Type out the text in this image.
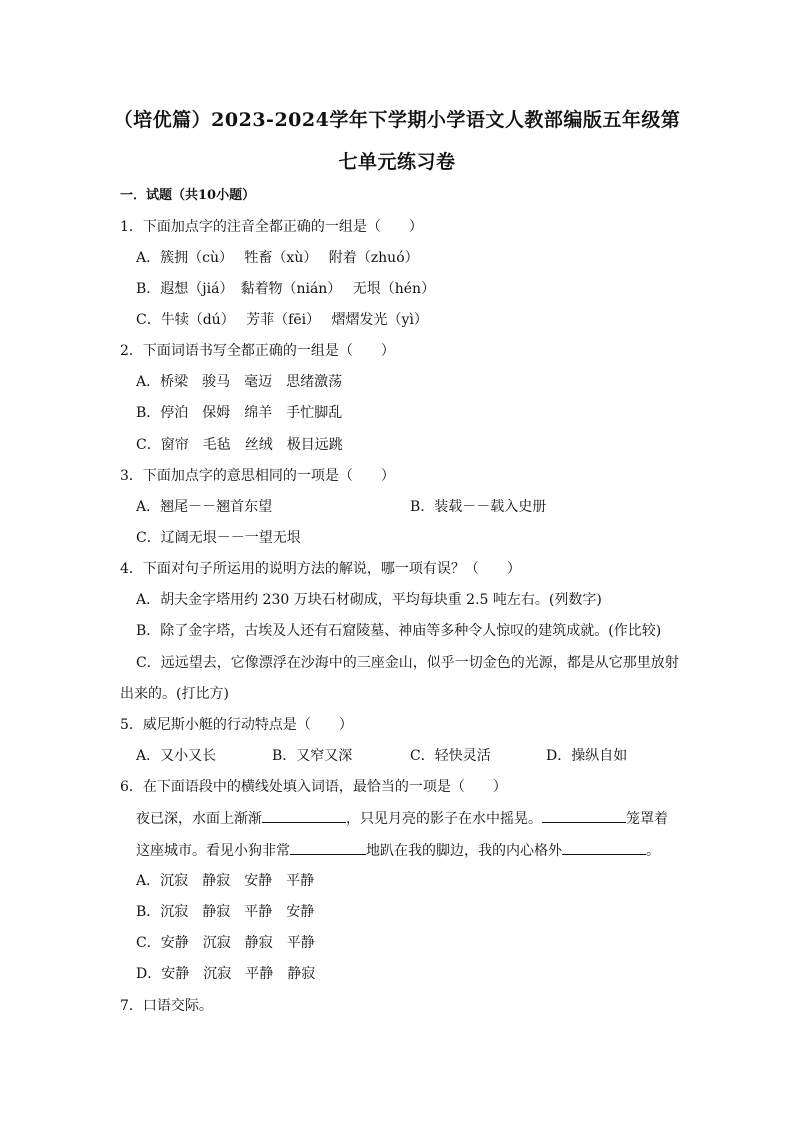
（培优篇）2023-2024学年下学期小学语文人教部编版五年级第
七单元练习卷
一．试题（共10小题）
1．下面加点字的注音全都正确的一组是（　　）
A．簇拥（cù）　 牲畜（xù）　 附着（zhuó）
B．遐想（jiá）　黏着物（nián）　 无垠（hén）
C．牛犊（dú）　 芳菲（fēi）　 熠熠发光（yì）
2．下面词语书写全都正确的一组是（　　）
A．桥梁　骏马　毫迈　思绪激荡
B．停泊　保姆　绵羊　手忙脚乱
C．窗帘　毛毡　丝绒　极目远跳
3．下面加点字的意思相同的一项是（　　）
A．翘尾－－翘首东望	B．装载－－载入史册
C．辽阔无垠－－一望无垠
4．下面对句子所运用的说明方法的解说，哪一项有误？（　　）
A．胡夫金字塔用约 230 万块石材砌成，平均每块重 2.5 吨左右。(列数字)
B．除了金字塔，古埃及人还有石窟陵墓、神庙等多种令人惊叹的建筑成就。(作比较)
C．远远望去，它像漂浮在沙海中的三座金山，似乎一切金色的光源，都是从它那里放射
出来的。(打比方)
5．威尼斯小艇的行动特点是（　　）
A．又小又长	B．又窄又深	C．轻快灵活	D．操纵自如
6．在下面语段中的横线处填入词语，最恰当的一项是（　　）
夜已深，水面上渐渐	，只见月亮的影子在水中摇晃。	笼罩着
这座城市。看见小狗非常	地趴在我的脚边，我的内心格外	。
A．沉寂　静寂　安静　平静
B．沉寂　静寂　平静　安静
C．安静　沉寂　静寂　平静
D．安静　沉寂　平静　静寂
7．口语交际。
